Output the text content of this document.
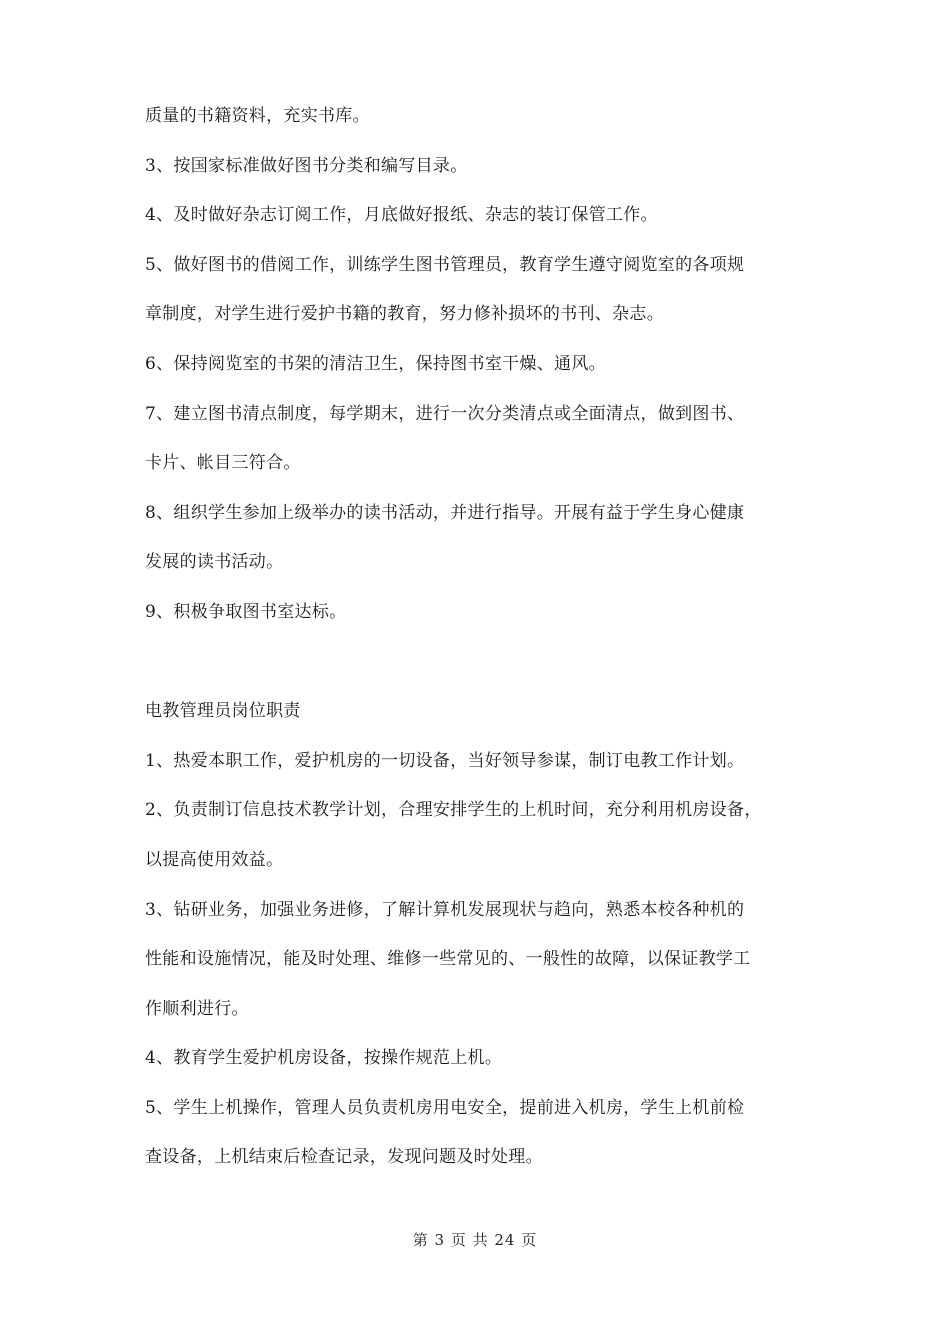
质量的书籍资料，充实书库。
3、按国家标准做好图书分类和编写目录。
4、及时做好杂志订阅工作，月底做好报纸、杂志的装订保管工作。
5、做好图书的借阅工作，训练学生图书管理员，教育学生遵守阅览室的各项规
章制度，对学生进行爱护书籍的教育，努力修补损坏的书刊、杂志。
6、保持阅览室的书架的清洁卫生，保持图书室干燥、通风。
7、建立图书清点制度，每学期末，进行一次分类清点或全面清点，做到图书、
卡片、帐目三符合。
8、组织学生参加上级举办的读书活动，并进行指导。开展有益于学生身心健康
发展的读书活动。
9、积极争取图书室达标。
电教管理员岗位职责
1、热爱本职工作，爱护机房的一切设备，当好领导参谋，制订电教工作计划。
2、负责制订信息技术教学计划，合理安排学生的上机时间，充分利用机房设备，
以提高使用效益。
3、钻研业务，加强业务进修，了解计算机发展现状与趋向，熟悉本校各种机的
性能和设施情况，能及时处理、维修一些常见的、一般性的故障，以保证教学工
作顺利进行。
4、教育学生爱护机房设备，按操作规范上机。
5、学生上机操作，管理人员负责机房用电安全，提前进入机房，学生上机前检
查设备，上机结束后检查记录，发现问题及时处理。
第 3 页 共 24 页
